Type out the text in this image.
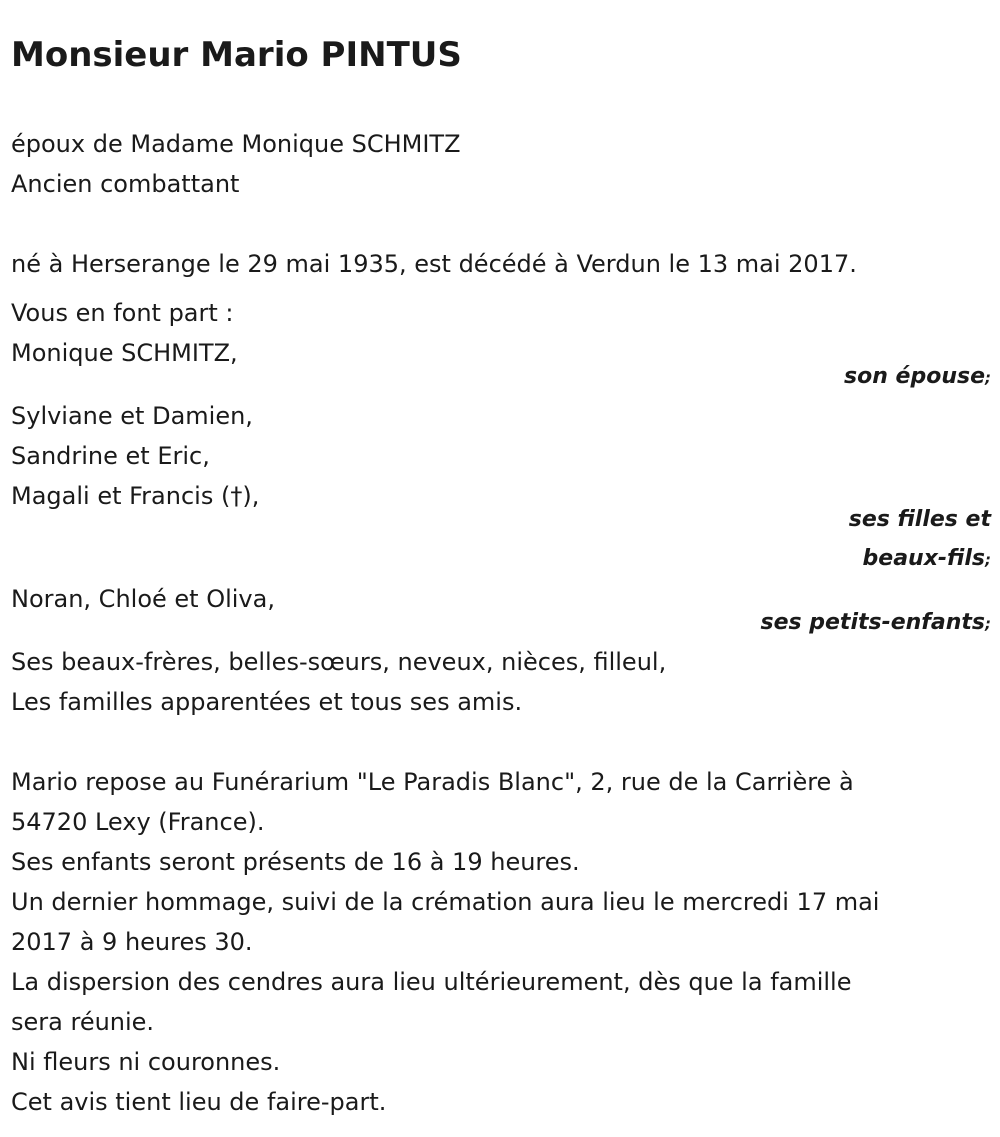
Monsieur Mario PINTUS
époux de Madame Monique SCHMITZ
Ancien combattant
né à Herserange le 29 mai 1935, est décédé à Verdun le 13 mai 2017.
Vous en font part :
Monique SCHMITZ,
son épouse;
Sylviane et Damien,
Sandrine et Eric,
Magali et Francis (†),
ses filles et
beaux-fils;
Noran, Chloé et Oliva,
ses petits-enfants;
Ses beaux-frères, belles-sœurs, neveux, nièces, filleul,
Les familles apparentées et tous ses amis.
Mario repose au Funérarium "Le Paradis Blanc", 2, rue de la Carrière à
54720 Lexy (France).
Ses enfants seront présents de 16 à 19 heures.
Un dernier hommage, suivi de la crémation aura lieu le mercredi 17 mai
2017 à 9 heures 30.
La dispersion des cendres aura lieu ultérieurement, dès que la famille
sera réunie.
Ni fleurs ni couronnes.
Cet avis tient lieu de faire-part.
